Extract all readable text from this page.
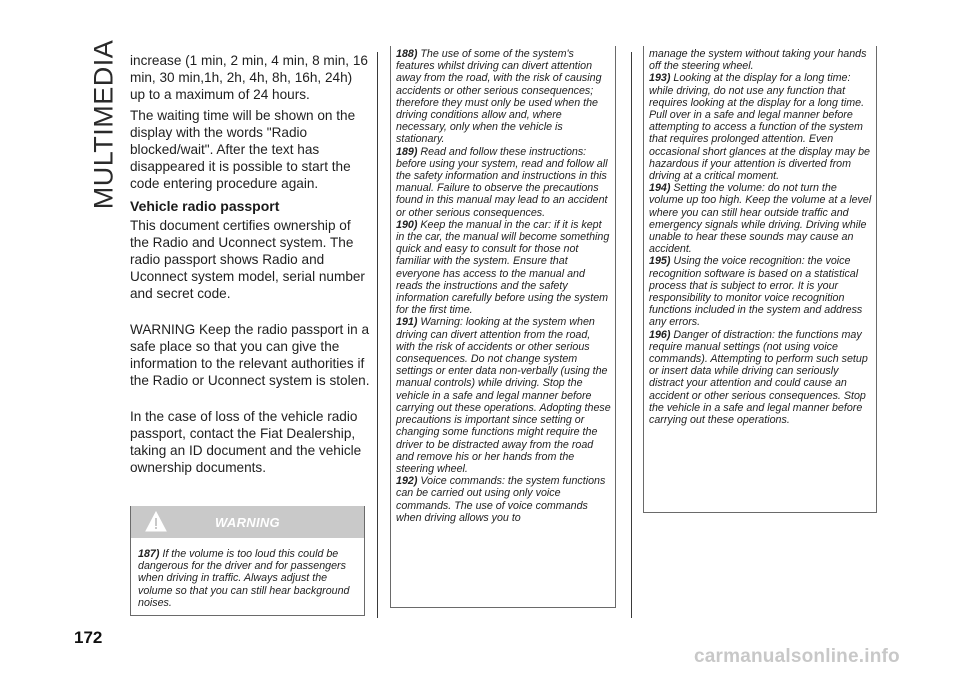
MULTIMEDIA
172

increase (1 min, 2 min, 4 min, 8 min, 16 min, 30 min,1h, 2h, 4h, 8h, 16h, 24h) up to a maximum of 24 hours.

The waiting time will be shown on the display with the words "Radio blocked/wait". After the text has disappeared it is possible to start the code entering procedure again.

Vehicle radio passport

This document certifies ownership of the Radio and Uconnect system. The radio passport shows Radio and Uconnect system model, serial number and secret code.

WARNING Keep the radio passport in a safe place so that you can give the information to the relevant authorities if the Radio or Uconnect system is stolen.

In the case of loss of the vehicle radio passport, contact the Fiat Dealership, taking an ID document and the vehicle ownership documents.

WARNING

187) If the volume is too loud this could be dangerous for the driver and for passengers when driving in traffic. Always adjust the volume so that you can still hear background noises.

188) The use of some of the system's features whilst driving can divert attention away from the road, with the risk of causing accidents or other serious consequences; therefore they must only be used when the driving conditions allow and, where necessary, only when the vehicle is stationary.

189) Read and follow these instructions: before using your system, read and follow all the safety information and instructions in this manual. Failure to observe the precautions found in this manual may lead to an accident or other serious consequences.

190) Keep the manual in the car: if it is kept in the car, the manual will become something quick and easy to consult for those not familiar with the system. Ensure that everyone has access to the manual and reads the instructions and the safety information carefully before using the system for the first time.

191) Warning: looking at the system when driving can divert attention from the road, with the risk of accidents or other serious consequences. Do not change system settings or enter data non-verbally (using the manual controls) while driving. Stop the vehicle in a safe and legal manner before carrying out these operations. Adopting these precautions is important since setting or changing some functions might require the driver to be distracted away from the road and remove his or her hands from the steering wheel.

192) Voice commands: the system functions can be carried out using only voice commands. The use of voice commands when driving allows you to

manage the system without taking your hands off the steering wheel.

193) Looking at the display for a long time: while driving, do not use any function that requires looking at the display for a long time. Pull over in a safe and legal manner before attempting to access a function of the system that requires prolonged attention. Even occasional short glances at the display may be hazardous if your attention is diverted from driving at a critical moment.

194) Setting the volume: do not turn the volume up too high. Keep the volume at a level where you can still hear outside traffic and emergency signals while driving. Driving while unable to hear these sounds may cause an accident.

195) Using the voice recognition: the voice recognition software is based on a statistical process that is subject to error. It is your responsibility to monitor voice recognition functions included in the system and address any errors.

196) Danger of distraction: the functions may require manual settings (not using voice commands). Attempting to perform such setup or insert data while driving can seriously distract your attention and could cause an accident or other serious consequences. Stop the vehicle in a safe and legal manner before carrying out these operations.

carmanualsonline.info
